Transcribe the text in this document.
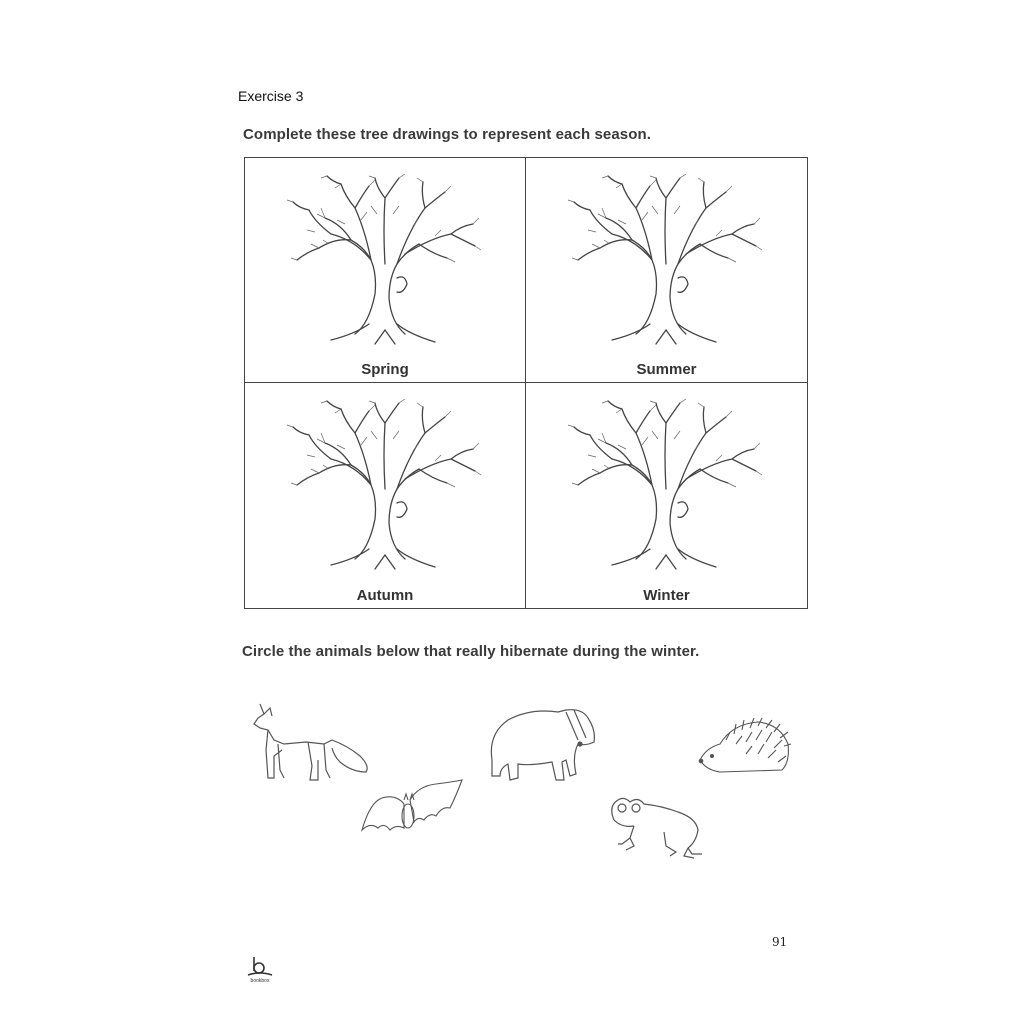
Exercise 3
Complete these tree drawings to represent each season.
Spring	Summer
Autumn	Winter
Circle the animals below that really hibernate during the winter.
91
bookbox
